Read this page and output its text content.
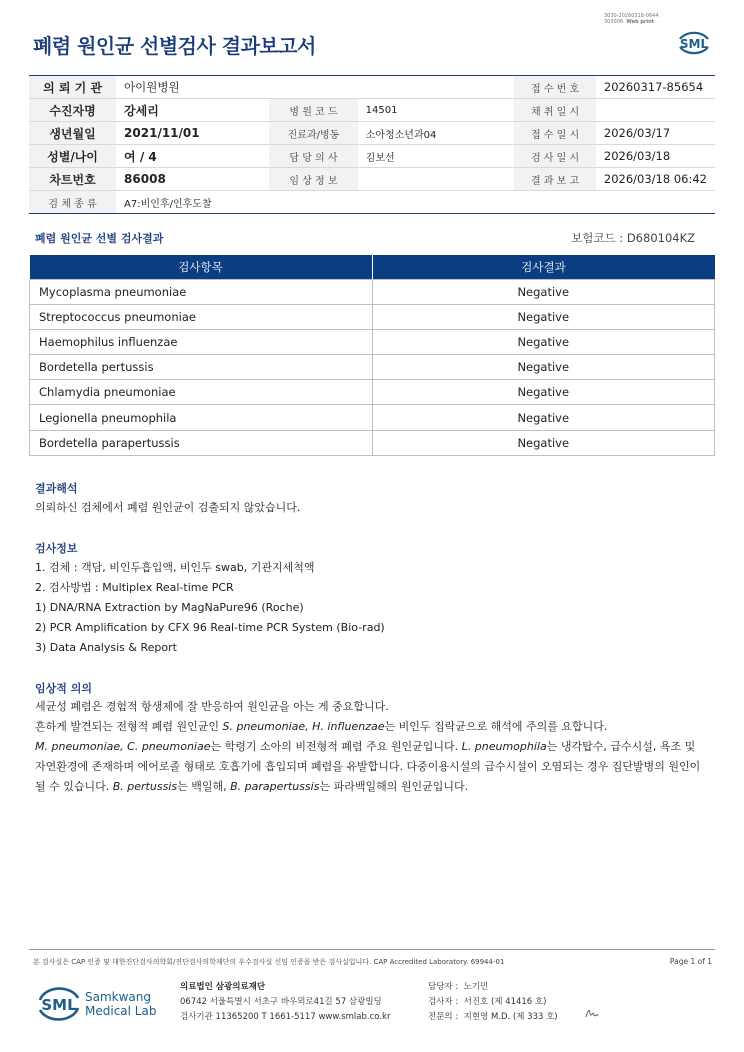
3030-20260318-0644
303006 Web print
폐렴 원인균 선별검사 결과보고서	SML
의 뢰 기 관	아이원병원			접 수 번 호	20260317-85654
수진자명	강세리	병 원 코 드	14501	채 취 일 시	
생년월일	2021/11/01	진료과/병동	소아청소년과04	접 수 일 시	2026/03/17
성별/나이	여 / 4	담 당 의 사	김보선	검 사 일 시	2026/03/18
차트번호	86008	임 상 정 보		결 과 보 고	2026/03/18 06:42
검 체 종 류	A7:비인후/인후도찰				
폐렴 원인균 선별 검사결과	보험코드 : D680104KZ
검사항목	검사결과
Mycoplasma pneumoniae	Negative
Streptococcus pneumoniae	Negative
Haemophilus influenzae	Negative
Bordetella pertussis	Negative
Chlamydia pneumoniae	Negative
Legionella pneumophila	Negative
Bordetella parapertussis	Negative
결과해석
의뢰하신 검체에서 폐렴 원인균이 검출되지 않았습니다.
검사정보
1. 검체 : 객담, 비인두흡입액, 비인두 swab, 기관지세척액
2. 검사방법 : Multiplex Real-time PCR
1) DNA/RNA Extraction by MagNaPure96 (Roche)
2) PCR Amplification by CFX 96 Real-time PCR System (Bio-rad)
3) Data Analysis & Report
임상적 의의
세균성 폐렴은 경험적 항생제에 잘 반응하여 원인균을 아는 게 중요합니다.
흔하게 발견되는 전형적 폐렴 원인균인 S. pneumoniae, H. influenzae는 비인두 집락균으로 해석에 주의를 요합니다.
M. pneumoniae, C. pneumoniae는 학령기 소아의 비전형적 폐렴 주요 원인균입니다. L. pneumophila는 냉각탑수, 급수시설, 욕조 및
자연환경에 존재하며 에어로졸 형태로 호흡기에 흡입되며 폐렴을 유발합니다. 다중이용시설의 급수시설이 오염되는 경우 집단발병의 원인이
될 수 있습니다. B. pertussis는 백일해, B. parapertussis는 파라백일해의 원인균입니다.
본 검사실은 CAP 인증 및 대한진단검사의학회/진단검사의학재단의 우수검사실 신임 인증을 받은 검사실입니다. CAP Accredited Laboratory. 69944-01	Page 1 of 1
SML Samkwang
Medical Lab
의료법인 삼광의료재단
06742 서울특별시 서초구 바우뫼로41길 57 삼광빌딩
검사기관 11365200 T 1661-5117 www.smlab.co.kr
담당자 : 노기민
검사자 : 서진호 (제 41416 호)
전문의 : 지현영 M.D. (제 333 호)
